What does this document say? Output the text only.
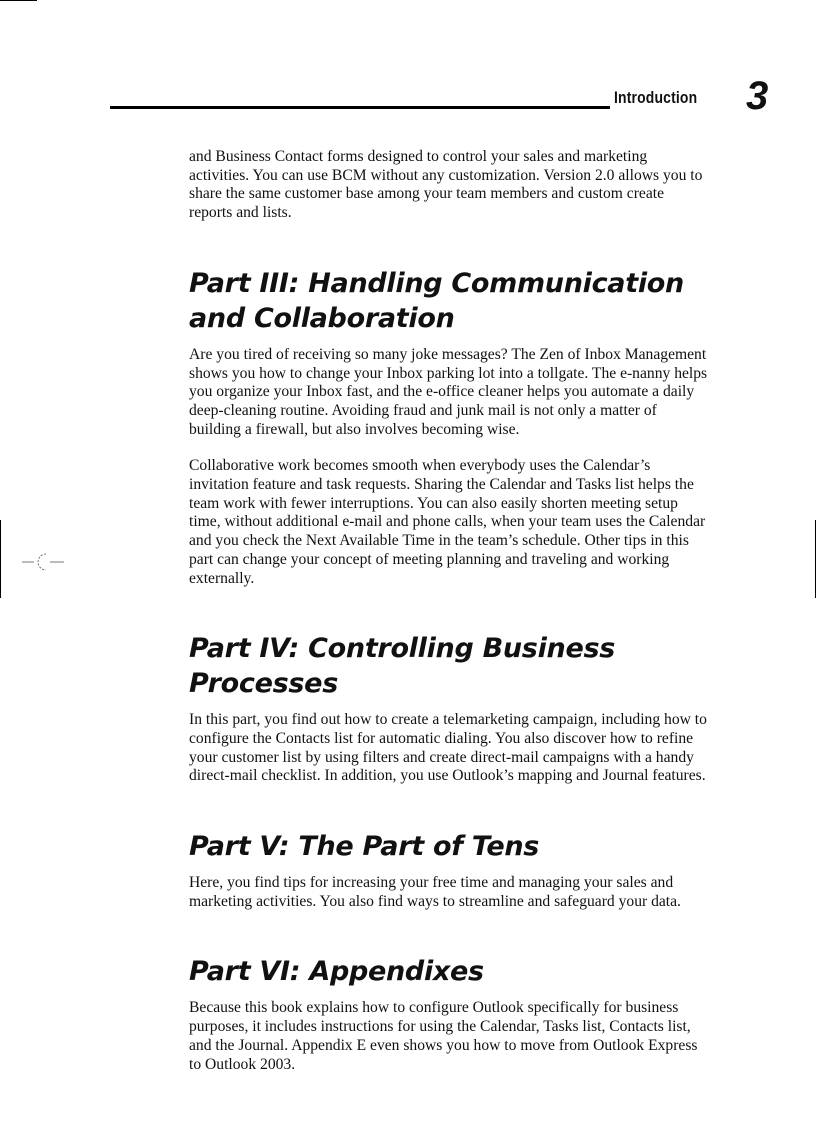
Introduction 3

and Business Contact forms designed to control your sales and marketing activities. You can use BCM without any customization. Version 2.0 allows you to share the same customer base among your team members and custom create reports and lists.

Part III: Handling Communication
and Collaboration

Are you tired of receiving so many joke messages? The Zen of Inbox Management shows you how to change your Inbox parking lot into a tollgate. The e-nanny helps you organize your Inbox fast, and the e-office cleaner helps you automate a daily deep-cleaning routine. Avoiding fraud and junk mail is not only a matter of building a firewall, but also involves becoming wise.

Collaborative work becomes smooth when everybody uses the Calendar’s invitation feature and task requests. Sharing the Calendar and Tasks list helps the team work with fewer interruptions. You can also easily shorten meeting setup time, without additional e-mail and phone calls, when your team uses the Calendar and you check the Next Available Time in the team’s schedule. Other tips in this part can change your concept of meeting planning and traveling and working externally.

Part IV: Controlling Business Processes

In this part, you find out how to create a telemarketing campaign, including how to configure the Contacts list for automatic dialing. You also discover how to refine your customer list by using filters and create direct-mail campaigns with a handy direct-mail checklist. In addition, you use Outlook’s mapping and Journal features.

Part V: The Part of Tens

Here, you find tips for increasing your free time and managing your sales and marketing activities. You also find ways to streamline and safeguard your data.

Part VI: Appendixes

Because this book explains how to configure Outlook specifically for business purposes, it includes instructions for using the Calendar, Tasks list, Contacts list, and the Journal. Appendix E even shows you how to move from Outlook Express to Outlook 2003.
